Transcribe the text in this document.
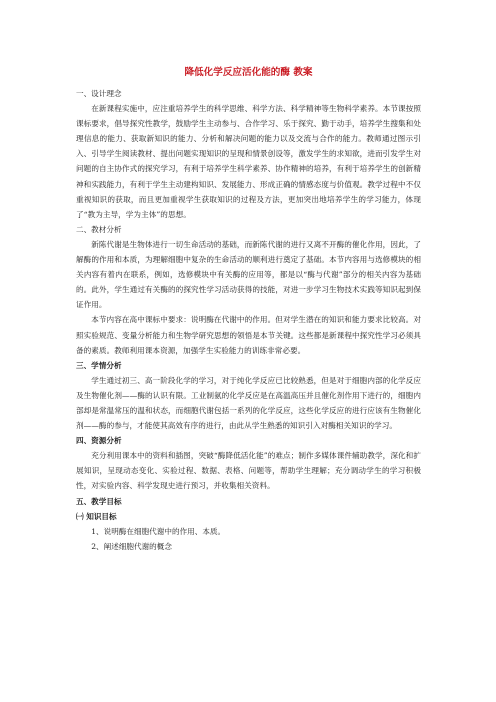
降低化学反应活化能的酶 教案

一、设计理念

在新课程实施中，应注重培养学生的科学思维、科学方法、科学精神等生物科学素养。本节课按照课标要求，倡导探究性教学，鼓励学生主动参与、合作学习、乐于探究、勤于动手，培养学生搜集和处理信息的能力、获取新知识的能力、分析和解决问题的能力以及交流与合作的能力。教师通过图示引入、引导学生阅读教材、提出问题实现知识的呈现和情景创设等，激发学生的求知欲，进而引发学生对问题的自主协作式的探究学习，有利于培养学生科学素养、协作精神的培养，有利于培养学生的创新精神和实践能力，有利于学生主动建构知识、发展能力、形成正确的情感态度与价值观。教学过程中不仅重视知识的获取，而且更加重视学生获取知识的过程及方法，更加突出地培养学生的学习能力，体现了“教为主导，学为主体”的思想。

二、教材分析

新陈代谢是生物体进行一切生命活动的基础，而新陈代谢的进行又离不开酶的催化作用，因此，了解酶的作用和本质，为理解细胞中复杂的生命活动的顺利进行奠定了基础。本节内容用与选修模块的相关内容有着内在联系，例如，选修模块中有关酶的应用等，都是以“酶与代谢”部分的相关内容为基础的。此外，学生通过有关酶的的探究性学习活动获得的技能，对进一步学习生物技术实践等知识起到保证作用。

本节内容在高中课标中要求：说明酶在代谢中的作用。但对学生潜在的知识和能力要求比较高。对照实验规范、变量分析能力和生物学研究思想的领悟是本节关键。这些都是新课程中探究性学习必须具备的素质。教师利用课本资源，加强学生实验能力的训练非常必要。

三、学情分析

学生通过初三、高一阶段化学的学习，对于纯化学反应已比较熟悉，但是对于细胞内部的化学反应及生物催化剂——酶的认识有限。工业制氨的化学反应是在高温高压并且催化剂作用下进行的，细胞内部却是常温常压的温和状态，而细胞代谢包括一系列的化学反应，这些化学反应的进行应该有生物催化剂——酶的参与，才能使其高效有序的进行，由此从学生熟悉的知识引入对酶相关知识的学习。

四、资源分析

充分利用课本中的资料和插图，突破“酶降低活化能”的难点；制作多媒体课件辅助教学，深化和扩展知识，呈现动态变化、实验过程、数据、表格、问题等，帮助学生理解；充分调动学生的学习积极性，对实验内容、科学发现史进行预习，并收集相关资料。

五、教学目标

㈠ 知识目标

1、说明酶在细胞代谢中的作用、本质。

2、阐述细胞代谢的概念
